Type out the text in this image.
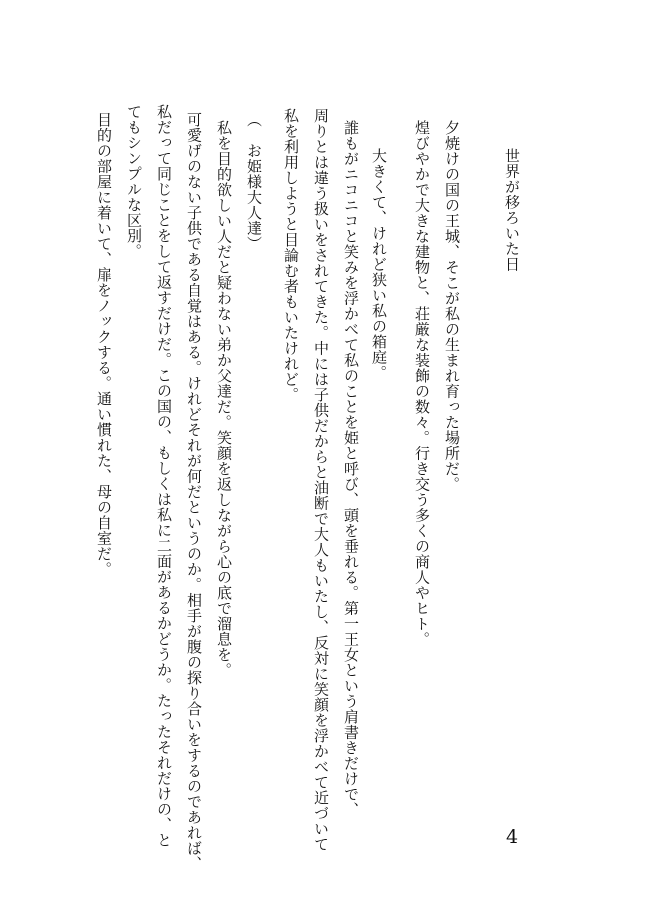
世界が移ろいた日
夕焼けの国の王城、そこが私の生まれ育った場所だ。
煌びやかで大きな建物と、荘厳な装飾の数々。行き交う多くの商人やヒト。
大きくて、けれど狭い私の箱庭。
誰もがニコニコと笑みを浮かべて私のことを姫と呼び、頭を垂れる。第一王女という肩書きだけで、
周りとは違う扱いをされてきた。中には子供だからと油断で大人もいたし、反対に笑顔を浮かべて近づいて
私を利用しようと目論む者もいたけれど。
（　お姫様大人達）
私を目的欲しい人だと疑わない弟か父達だ。笑顔を返しながら心の底で溜息を。
可愛げのない子供である自覚はある。けれどそれが何だというのか。相手が腹の探り合いをするのであれば、
私だって同じことをして返すだけだ。この国の、もしくは私に二面があるかどうか。たったそれだけの、と
てもシンプルな区別。
目的の部屋に着いて、扉をノックする。通い慣れた、母の自室だ。
4
